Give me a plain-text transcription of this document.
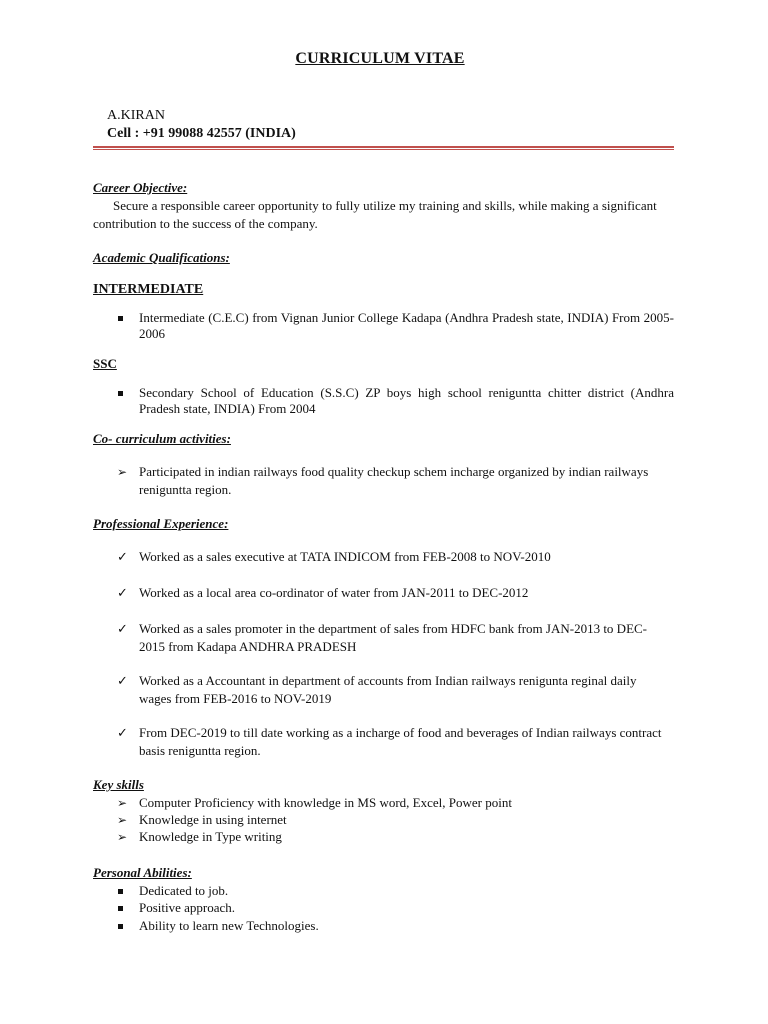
CURRICULUM VITAE
A.KIRAN
Cell : +91 99088 42557 (INDIA)
Career Objective:
Secure a responsible career opportunity to fully utilize my training and skills, while making a significant contribution to the success of the company.
Academic Qualifications:
INTERMEDIATE
Intermediate (C.E.C) from Vignan Junior College Kadapa (Andhra Pradesh state, INDIA) From 2005-2006
SSC
Secondary School of Education (S.S.C) ZP boys high school reniguntta chitter district (Andhra Pradesh state, INDIA) From 2004
Co- curriculum activities:
➢ Participated in indian railways food quality checkup schem incharge organized by indian railways reniguntta region.
Professional Experience:
✓ Worked as a sales executive at TATA INDICOM from FEB-2008 to NOV-2010
✓ Worked as a local area co-ordinator of water from JAN-2011 to DEC-2012
✓ Worked as a sales promoter in the department of sales from HDFC bank from JAN-2013 to DEC-2015 from Kadapa ANDHRA PRADESH
✓ Worked as a Accountant in department of accounts from Indian railways renigunta reginal daily wages from FEB-2016 to NOV-2019
✓ From DEC-2019 to till date working as a incharge of food and beverages of Indian railways contract basis reniguntta region.
Key skills
➢ Computer Proficiency with knowledge in MS word, Excel, Power point
➢ Knowledge in using internet
➢ Knowledge in Type writing
Personal Abilities:
Dedicated to job.
Positive approach.
Ability to learn new Technologies.
